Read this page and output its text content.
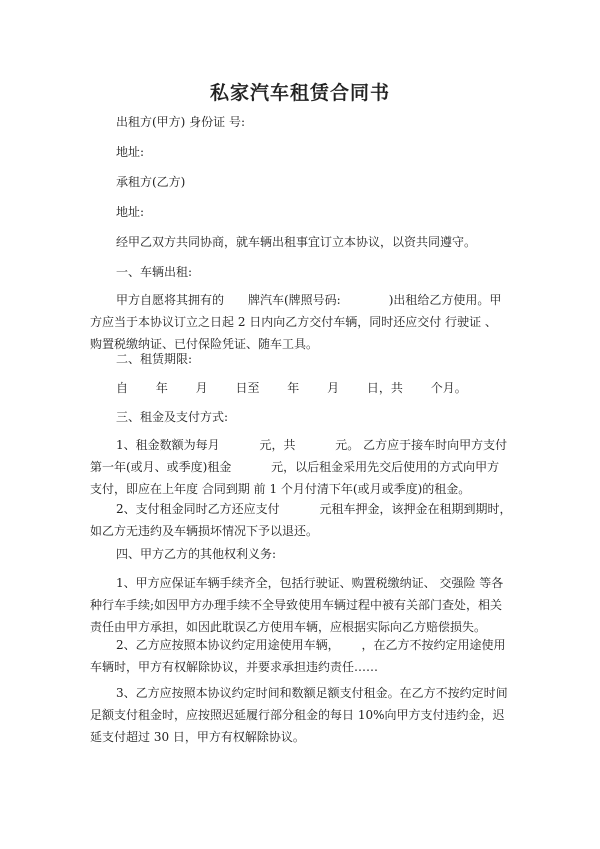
私家汽车租赁合同书
出租方(甲方) 身份证 号:
地址:
承租方(乙方)
地址:
经甲乙双方共同协商，就车辆出租事宜订立本协议，以资共同遵守。
一、车辆出租:
甲方自愿将其拥有的　　牌汽车(牌照号码:　　　　)出租给乙方使用。甲
方应当于本协议订立之日起 2 日内向乙方交付车辆，同时还应交付 行驶证 、
购置税缴纳证、已付保险凭证、随车工具。
二、租赁期限:
自　　 年　　 月　　 日至　　 年　　 月　　 日，共　　 个月。
三、租金及支付方式:
1、租金数额为每月　　　 元，共　　　 元。 乙方应于接车时向甲方支付
第一年(或月、或季度)租金　　　 元，以后租金采用先交后使用的方式向甲方
支付，即应在上年度 合同到期 前 1 个月付清下年(或月或季度)的租金。
2、支付租金同时乙方还应支付　　　 元租车押金，该押金在租期到期时，
如乙方无违约及车辆损坏情况下予以退还。
四、甲方乙方的其他权利义务:
1、甲方应保证车辆手续齐全，包括行驶证、购置税缴纳证、 交强险 等各
种行车手续;如因甲方办理手续不全导致使用车辆过程中被有关部门查处，相关
责任由甲方承担，如因此耽误乙方使用车辆，应根据实际向乙方赔偿损失。
2、乙方应按照本协议约定用途使用车辆，　　 ，在乙方不按约定用途使用
车辆时，甲方有权解除协议，并要求承担违约责任……
3、乙方应按照本协议约定时间和数额足额支付租金。在乙方不按约定时间
足额支付租金时，应按照迟延履行部分租金的每日 10%向甲方支付违约金，迟
延支付超过 30 日，甲方有权解除协议。
